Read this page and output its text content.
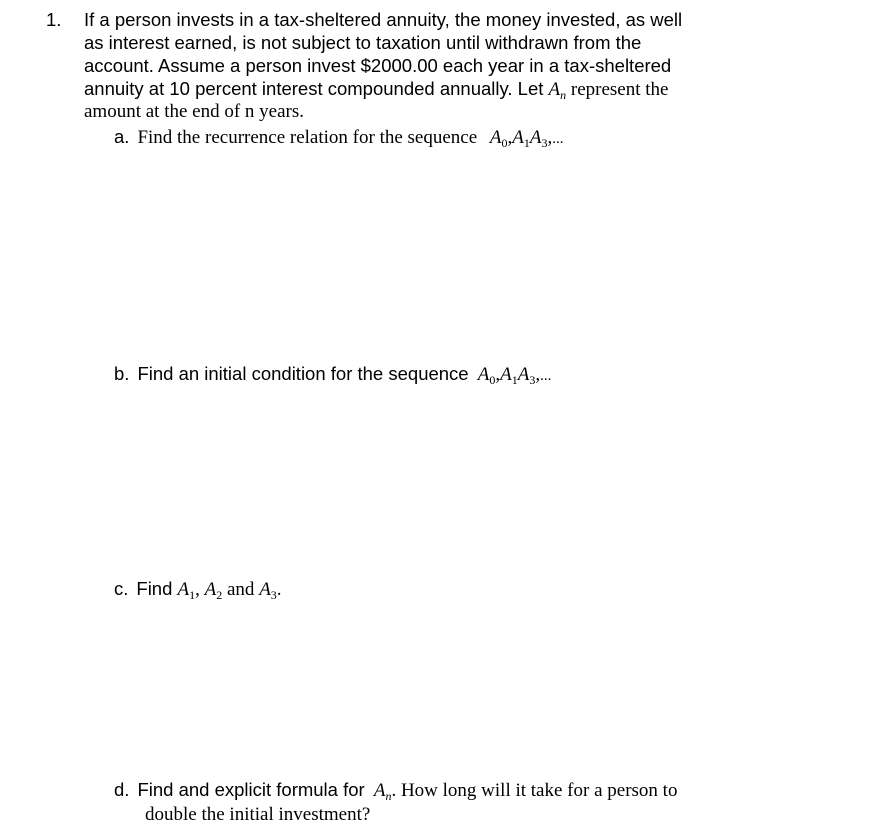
1. If a person invests in a tax-sheltered annuity, the money invested, as well
as interest earned, is not subject to taxation until withdrawn from the
account. Assume a person invest $2000.00 each year in a tax-sheltered
annuity at 10 percent interest compounded annually. Let $A_n$ represent the
amount at the end of n years.
a. Find the recurrence relation for the sequence $A_0,A_1A_3$,...
b. Find an initial condition for the sequence $A_0,A_1A_3$,...
c. Find $A_1$, $A_2$ and $A_3$.
d. Find and explicit formula for $A_n$. How long will it take for a person to
double the initial investment?
